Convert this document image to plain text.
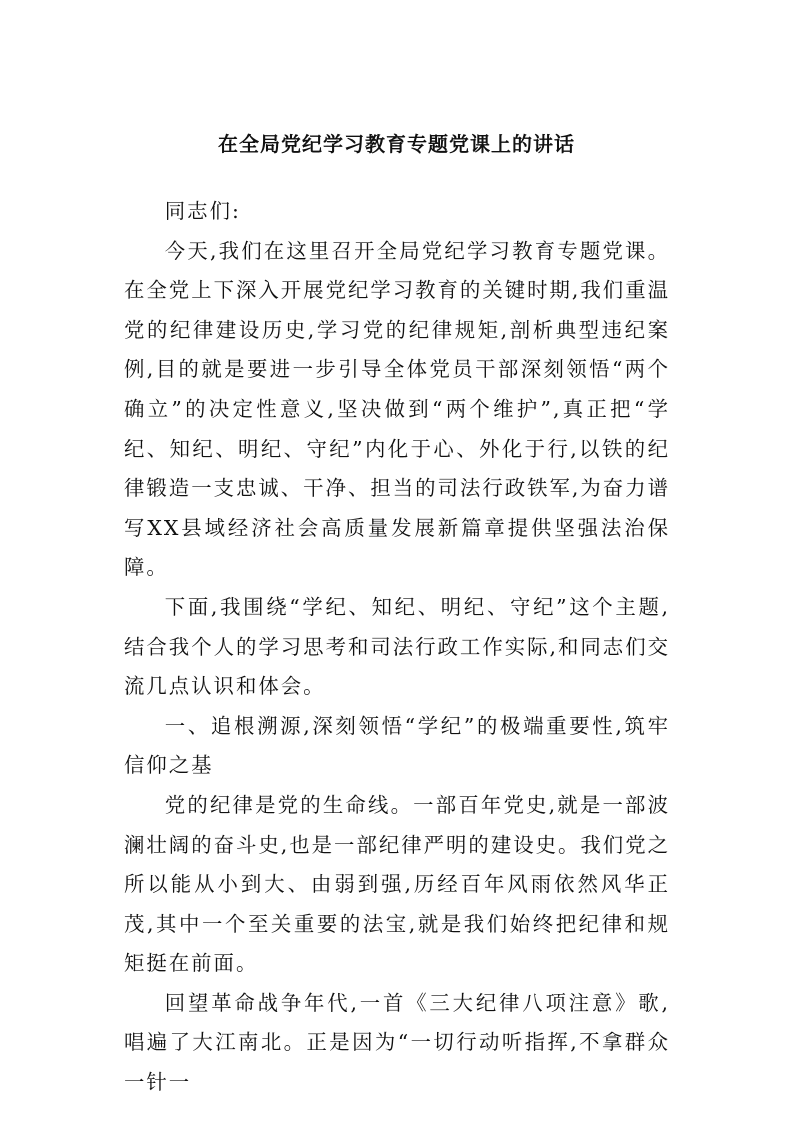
在全局党纪学习教育专题党课上的讲话

同志们:

今天,我们在这里召开全局党纪学习教育专题党课。在全党上下深入开展党纪学习教育的关键时期,我们重温党的纪律建设历史,学习党的纪律规矩,剖析典型违纪案例,目的就是要进一步引导全体党员干部深刻领悟“两个确立”的决定性意义,坚决做到“两个维护”,真正把“学纪、知纪、明纪、守纪”内化于心、外化于行,以铁的纪律锻造一支忠诚、干净、担当的司法行政铁军,为奋力谱写XX县域经济社会高质量发展新篇章提供坚强法治保障。

下面,我围绕“学纪、知纪、明纪、守纪”这个主题,结合我个人的学习思考和司法行政工作实际,和同志们交流几点认识和体会。

一、追根溯源,深刻领悟“学纪”的极端重要性,筑牢信仰之基

党的纪律是党的生命线。一部百年党史,就是一部波澜壮阔的奋斗史,也是一部纪律严明的建设史。我们党之所以能从小到大、由弱到强,历经百年风雨依然风华正茂,其中一个至关重要的法宝,就是我们始终把纪律和规矩挺在前面。

回望革命战争年代,一首《三大纪律八项注意》歌,唱遍了大江南北。正是因为“一切行动听指挥,不拿群众一针一
